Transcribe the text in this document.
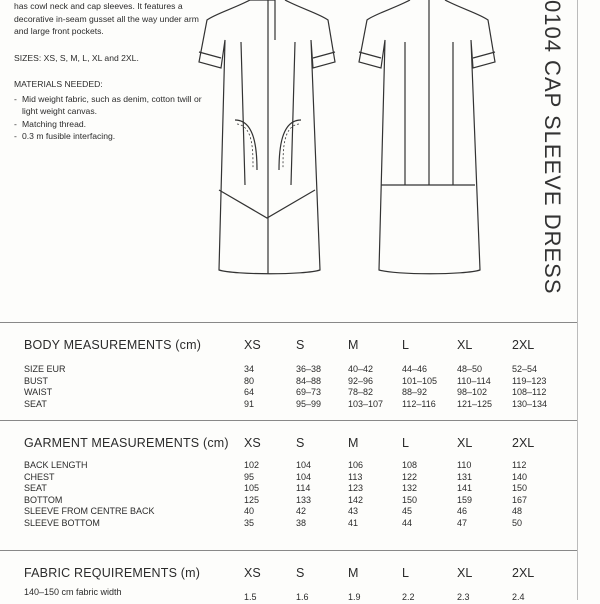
has cowl neck and cap sleeves. It features a decorative in-seam gusset all the way under arm and large front pockets.

SIZES: XS, S, M, L, XL and 2XL.

MATERIALS NEEDED:

- Mid weight fabric, such as denim, cotton twill or light weight canvas.
- Matching thread.
- 0.3 m fusible interfacing.	0104 CAP SLEEVE DRESS
BODY MEASUREMENTS (cm)	XS	S	M	L	XL	2XL
SIZE EUR	34	36–38	40–42	44–46	48–50	52–54
BUST	80	84–88	92–96	101–105 110–114 119–123
WAIST	64	69–73	78–82	88–92	98–102	108–112
SEAT	91	95–99	103–107 112–116 121–125 130–134
GARMENT MEASUREMENTS (cm) XS	S	M	L	XL	2XL
BACK LENGTH	102	104	106	108	110	112
CHEST	95	104	113	122	131	140
SEAT	105	114	123	132	141	150
BOTTOM	125	133	142	150	159	167
SLEEVE FROM CENTRE BACK	40	42	43	45	46	48
SLEEVE BOTTOM	35	38	41	44	47	50
FABRIC REQUIREMENTS (m)	XS	S	M	L	XL	2XL
140–150 cm fabric width	1.5	1.6	1.9	2.2	2.3	2.4
